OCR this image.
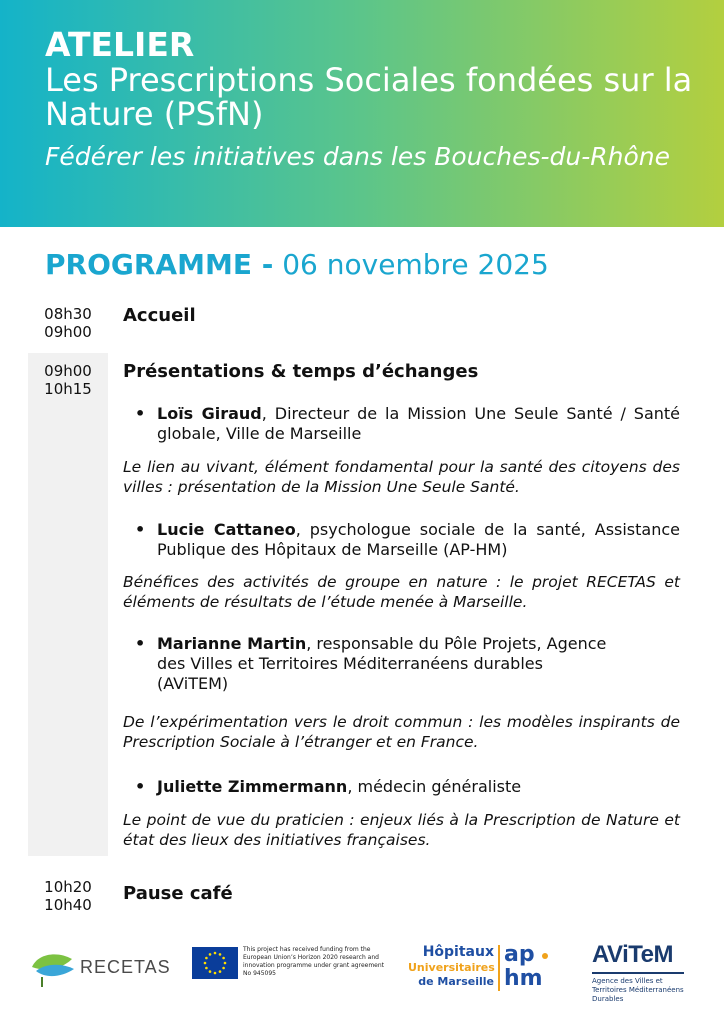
ATELIER
Les Prescriptions Sociales fondées sur la Nature (PSfN)
Fédérer les initiatives dans les Bouches-du-Rhône
PROGRAMME - 06 novembre 2025
08h30
09h00
Accueil
09h00
10h15
Présentations & temps d’échanges
• Loïs Giraud, Directeur de la Mission Une Seule Santé / Santé globale, Ville de Marseille
Le lien au vivant, élément fondamental pour la santé des citoyens des villes : présentation de la Mission Une Seule Santé.
• Lucie Cattaneo, psychologue sociale de la santé, Assistance Publique des Hôpitaux de Marseille (AP-HM)
Bénéfices des activités de groupe en nature : le projet RECETAS et éléments de résultats de l’étude menée à Marseille.
• Marianne Martin, responsable du Pôle Projets, Agence des Villes et Territoires Méditerranéens durables (AViTEM)
De l’expérimentation vers le droit commun : les modèles inspirants de Prescription Sociale à l’étranger et en France.
• Juliette Zimmermann, médecin généraliste
Le point de vue du praticien : enjeux liés à la Prescription de Nature et état des lieux des initiatives françaises.
10h20
10h40
Pause café
RECETAS
This project has received funding from the European Union’s Horizon 2020 research and innovation programme under grant agreement No 945095
Hôpitaux
Universitaires
de Marseille
ap
hm
AViTeM
Agence des Villes et Territoires Méditerranéens Durables
